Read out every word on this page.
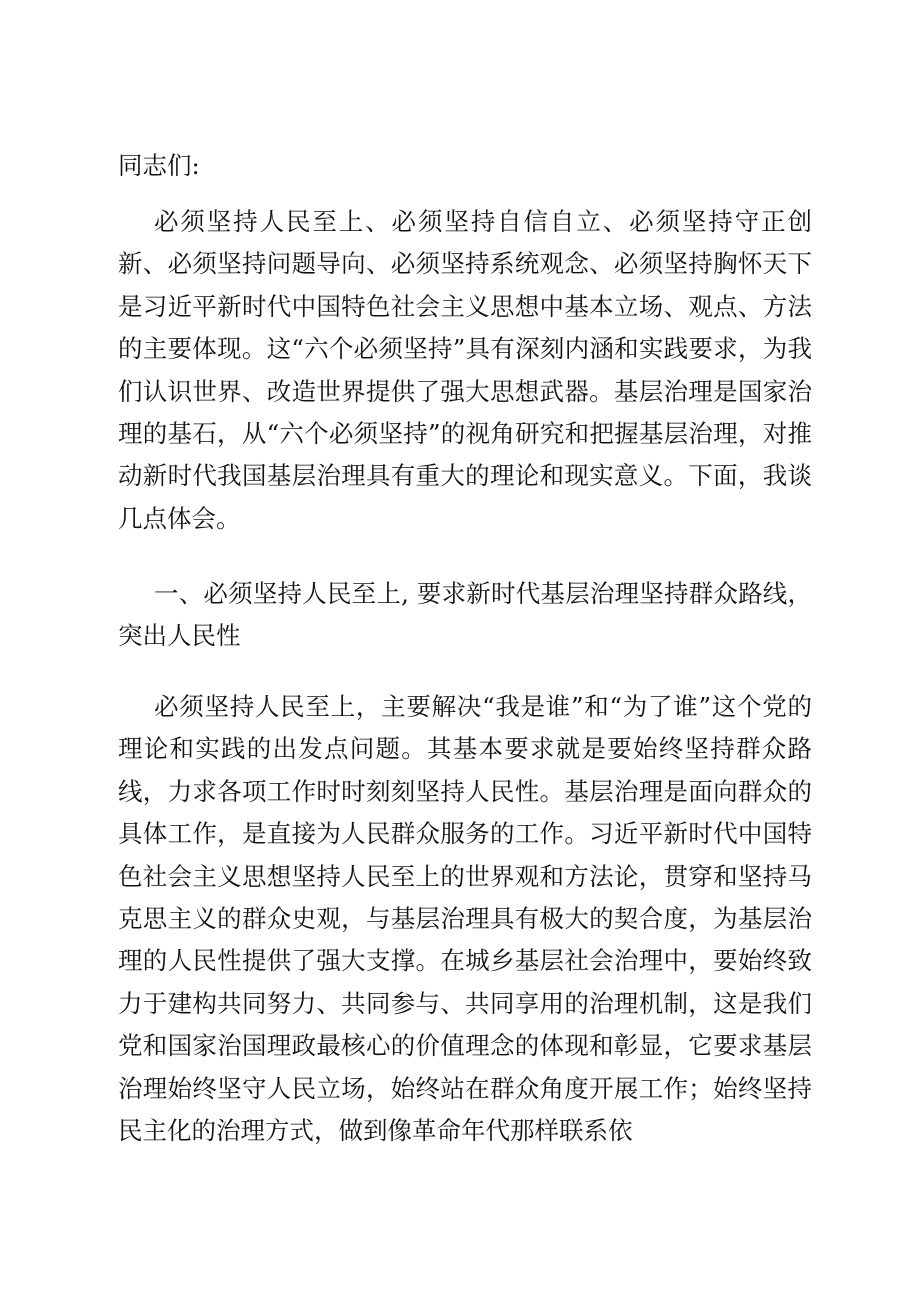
同志们:
必须坚持人民至上、必须坚持自信自立、必须坚持守正创新、必须坚持问题导向、必须坚持系统观念、必须坚持胸怀天下是习近平新时代中国特色社会主义思想中基本立场、观点、方法的主要体现。这“六个必须坚持”具有深刻内涵和实践要求，为我们认识世界、改造世界提供了强大思想武器。基层治理是国家治理的基石，从“六个必须坚持”的视角研究和把握基层治理，对推动新时代我国基层治理具有重大的理论和现实意义。下面，我谈几点体会。
一、必须坚持人民至上, 要求新时代基层治理坚持群众路线，突出人民性
必须坚持人民至上，主要解决“我是谁”和“为了谁”这个党的理论和实践的出发点问题。其基本要求就是要始终坚持群众路线，力求各项工作时时刻刻坚持人民性。基层治理是面向群众的具体工作，是直接为人民群众服务的工作。习近平新时代中国特色社会主义思想坚持人民至上的世界观和方法论，贯穿和坚持马克思主义的群众史观，与基层治理具有极大的契合度，为基层治理的人民性提供了强大支撑。在城乡基层社会治理中，要始终致力于建构共同努力、共同参与、共同享用的治理机制，这是我们党和国家治国理政最核心的价值理念的体现和彰显，它要求基层治理始终坚守人民立场，始终站在群众角度开展工作；始终坚持民主化的治理方式，做到像革命年代那样联系依
